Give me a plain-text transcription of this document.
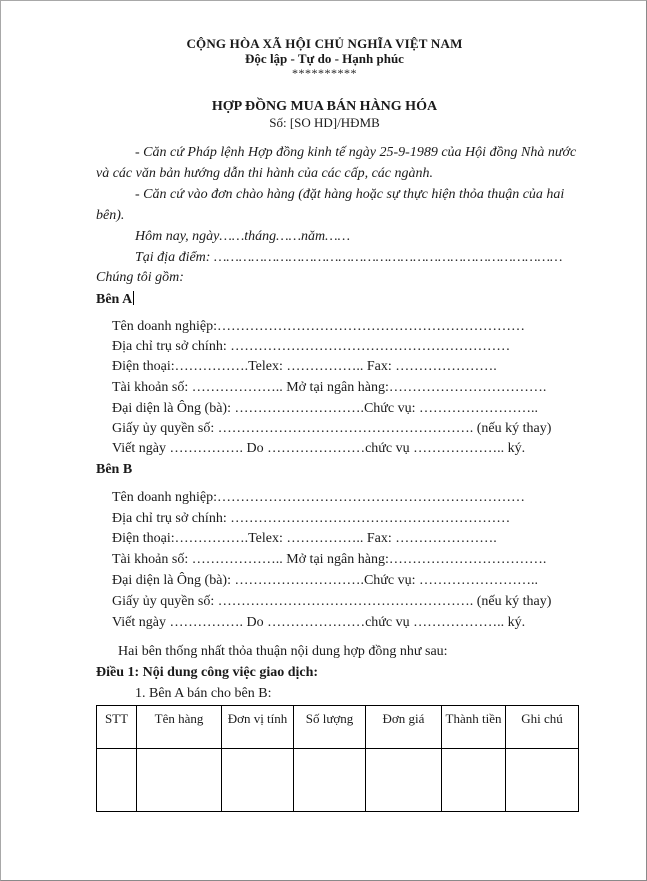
CỘNG HÒA XÃ HỘI CHỦ NGHĨA VIỆT NAM
Độc lập - Tự do - Hạnh phúc
**********
HỢP ĐỒNG MUA BÁN HÀNG HÓA
Số: [SO HD]/HĐMB
- Căn cứ Pháp lệnh Hợp đồng kinh tế ngày 25-9-1989 của Hội đồng Nhà nước
và các văn bản hướng dẫn thi hành của các cấp, các ngành.
- Căn cứ vào đơn chào hàng (đặt hàng hoặc sự thực hiện thỏa thuận của hai
bên).
Hôm nay, ngày……tháng……năm……
Tại địa điểm: …………………………………………………………………………
Chúng tôi gồm:
Bên A
Tên doanh nghiệp:…………………………………………………………
Địa chỉ trụ sở chính: ……………………………………………………
Điện thoại:…………….Telex: …………….. Fax: ………………….
Tài khoản số: ……………….. Mở tại ngân hàng:…………………………….
Đại diện là Ông (bà): ……………………….Chức vụ: ……………………..
Giấy ủy quyền số: ………………………………………………. (nếu ký thay)
Viết ngày ……………. Do …………………chức vụ ……………….. ký.
Bên B
Tên doanh nghiệp:…………………………………………………………
Địa chỉ trụ sở chính: ……………………………………………………
Điện thoại:…………….Telex: …………….. Fax: ………………….
Tài khoản số: ……………….. Mở tại ngân hàng:…………………………….
Đại diện là Ông (bà): ……………………….Chức vụ: ……………………..
Giấy ủy quyền số: ………………………………………………. (nếu ký thay)
Viết ngày ……………. Do …………………chức vụ ……………….. ký.
Hai bên thống nhất thỏa thuận nội dung hợp đồng như sau:
Điều 1: Nội dung công việc giao dịch:
1. Bên A bán cho bên B:
STT	Tên hàng	Đơn vị tính	Số lượng	Đơn giá	Thành tiền	Ghi chú
